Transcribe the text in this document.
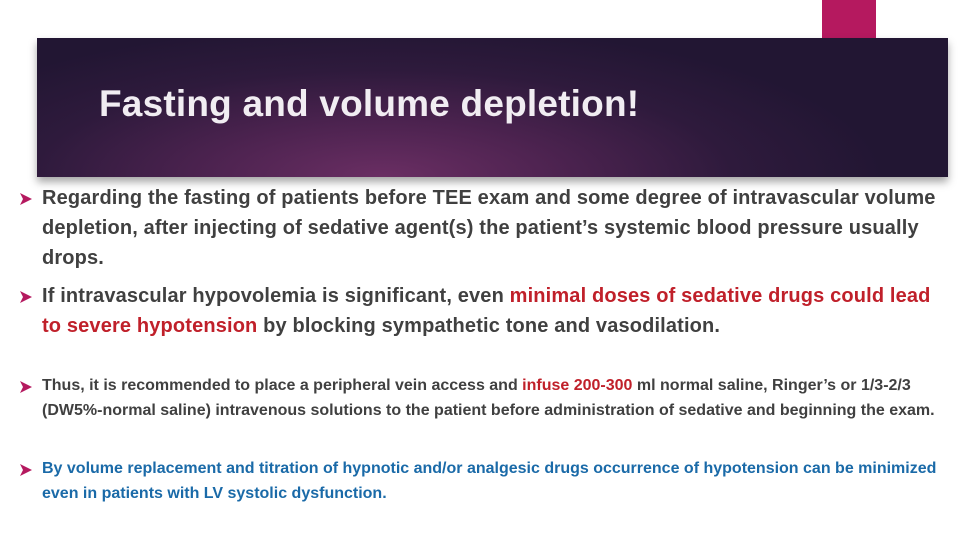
Fasting and volume depletion!

Regarding the fasting of patients before TEE exam and some degree of intravascular volume depletion, after injecting of sedative agent(s) the patient’s systemic blood pressure usually drops.

If intravascular hypovolemia is significant, even minimal doses of sedative drugs could lead to severe hypotension by blocking sympathetic tone and vasodilation.

Thus, it is recommended to place a peripheral vein access and infuse 200-300 ml normal saline, Ringer’s or 1/3-2/3 (DW5%-normal saline) intravenous solutions to the patient before administration of sedative and beginning the exam.

By volume replacement and titration of hypnotic and/or analgesic drugs occurrence of hypotension can be minimized even in patients with LV systolic dysfunction.
